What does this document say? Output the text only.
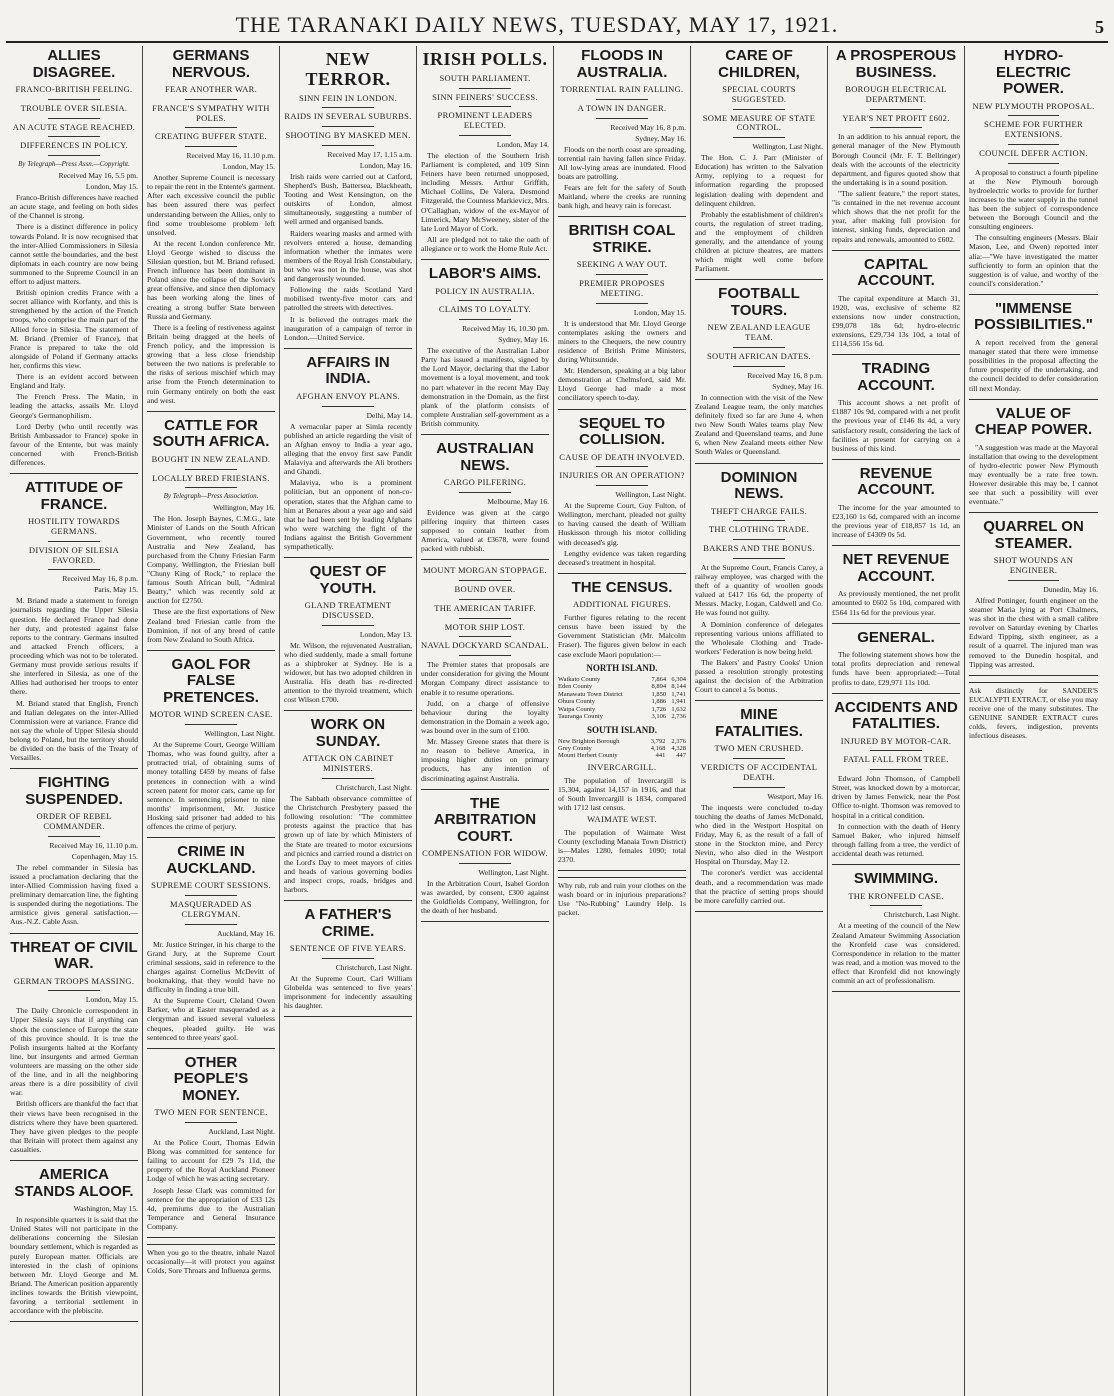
THE TARANAKI DAILY NEWS, TUESDAY, MAY 17, 1921.	5
ALLIES DISAGREE.
FRANCO-BRITISH FEELING.
TROUBLE OVER SILESIA.
AN ACUTE STAGE REACHED.
DIFFERENCES IN POLICY.
By Telegraph—Press Assn.—Copyright.
Received May 16, 5.5 pm.
London, May 15.

Franco-British differences have reached an acute stage, and feeling on both sides of the Channel is strong.

There is a distinct difference in policy towards Poland. It is now recognised that the inter-Allied Commissioners in Silesia cannot settle the boundaries, and the best diplomats in each country are now being summoned to the Supreme Council in an effort to adjust matters.

British opinion credits France with a secret alliance with Korfanty, and this is strengthened by the action of the French troops, who comprise the main part of the Allied force in Silesia. The statement of M. Briand (Premier of France), that France is prepared to take the old alongside of Poland if Germany attacks her, confirms this view.

There is an evident accord between England and Italy.

The French Press. The Matin, in leading the attacks, assails Mr. Lloyd George's Germanophilism.

Lord Derby (who until recently was British Ambassador to France) spoke in favour of the Entente, but was mainly concerned with French-British differences.

ATTITUDE OF FRANCE.
HOSTILITY TOWARDS GERMANS.
DIVISION OF SILESIA FAVORED.
Received May 16, 8 p.m.
Paris, May 15.

M. Briand made a statement to foreign journalists regarding the Upper Silesia question. He declared France had done her duty, and protested against false reports to the contrary. Germans insulted and attacked French officers, a proceeding which was not to be tolerated. Germany must provide serious results if she interfered in Silesia, as one of the Allies had authorised her troops to enter there.

M. Briand stated that English, French and Italian delegates on the inter-Allied Commission were at variance. France did not say the whole of Upper Silesia should belong to Poland, but the territory should be divided on the basis of the Treaty of Versailles.

FIGHTING SUSPENDED.
ORDER OF REBEL COMMANDER.
Received May 16, 11.10 p.m.
Copenhagen, May 15.

The rebel commander in Silesia has issued a proclamation declaring that the inter-Allied Commission having fixed a preliminary demarcation line, the fighting is suspended during the negotiations. The armistice gives general satisfaction.—Aus.-N.Z. Cable Assn.

THREAT OF CIVIL WAR.
GERMAN TROOPS MASSING.
London, May 15.

The Daily Chronicle correspondent in Upper Silesia says that if anything can shock the conscience of Europe the state of this province should. It is true the Polish insurgents halted at the Korfanty line, but insurgents and armed German volunteers are massing on the other side of the line, and in all the neighboring areas there is a dire possibility of civil war.

British officers are thankful the fact that their views have been recognised in the districts where they have been quartered. They have given pledges to the people that Britain will protect them against any casualties.

AMERICA STANDS ALOOF.
Washington, May 15.

In responsible quarters it is said that the United States will not participate in the deliberations concerning the Silesian boundary settlement, which is regarded as purely European matter. Officials are interested in the clash of opinions between Mr. Lloyd George and M. Briand. The American position apparently inclines towards the British viewpoint, favoring a territorial settlement in accordance with the plebiscite.

GERMANS NERVOUS.
FEAR ANOTHER WAR.
FRANCE'S SYMPATHY WITH POLES.
CREATING BUFFER STATE.
Received May 16, 11.10 p.m.
London, May 15.

Another Supreme Council is necessary to repair the rent in the Entente's garment. After each excessive council the public has been assured there was perfect understanding between the Allies, only to find some troublesome problem left unsolved.

At the recent London conference Mr. Lloyd George wished to discuss the Silesian question, but M. Briand refused. French influence has been dominant in Poland since the collapse of the Soviet's great offensive, and since then diplomacy has been working along the lines of creating a strong buffer State between Russia and Germany.

There is a feeling of restiveness against Britain being dragged at the heels of French policy, and the impression is growing that a less close friendship between the two nations is preferable to the risks of serious mischief which may arise from the French determination to ruin Germany entirely on both the east and west.

CATTLE FOR SOUTH AFRICA.
BOUGHT IN NEW ZEALAND.
LOCALLY BRED FRIESIANS.
By Telegraph—Press Association.
Wellington, May 16.

The Hon. Joseph Baynes, C.M.G., late Minister of Lands on the South African Government, who recently toured Australia and New Zealand, has purchased from the Chuny Friesian Farm Company, Wellington, the Friesian bull "Chuny King of Rock," to replace the famous South African bull, "Admiral Beatty," which was recently sold at auction for £2750.

These are the first exportations of New Zealand bred Friesian cattle from the Dominion, if not of any breed of cattle from New Zealand to South Africa.

GAOL FOR FALSE PRETENCES.
MOTOR WIND SCREEN CASE.
Wellington, Last Night.

At the Supreme Court, George William Thomas, who was found guilty, after a protracted trial, of obtaining sums of money totalling £459 by means of false pretences in connection with a wind screen patent for motor cars, came up for sentence. In sentencing prisoner to nine months' imprisonment, Mr. Justice Hosking said prisoner had added to his offences the crime of perjury.

CRIME IN AUCKLAND.
SUPREME COURT SESSIONS.
MASQUERADED AS CLERGYMAN.
Auckland, May 16.

Mr. Justice Stringer, in his charge to the Grand Jury, at the Supreme Court criminal sessions, said in reference to the charges against Cornelius McDevitt of bookmaking, that they would have no difficulty in finding a true bill.

At the Supreme Court, Cleland Owen Barker, who at Easter masqueraded as a clergyman and issued several valueless cheques, pleaded guilty. He was sentenced to three years' gaol.

OTHER PEOPLE'S MONEY.
TWO MEN FOR SENTENCE.
Auckland, Last Night.

At the Police Court, Thomas Edwin Blong was committed for sentence for failing to account for £29 7s 11d, the property of the Royal Auckland Pioneer Lodge of which he was acting secretary.

Joseph Jesse Clark was committed for sentence for the appropriation of £33 12s 4d, premiums due to the Australian Temperance and General Insurance Company.

When you go to the theatre, inhale Nazol occasionally—it will protect you against Colds, Sore Throats and Influenza germs.
NEW TERROR.
SINN FEIN IN LONDON.
RAIDS IN SEVERAL SUBURBS.
SHOOTING BY MASKED MEN.
Received May 17, 1.15 a.m.
London, May 16.

Irish raids were carried out at Catford, Shepherd's Bush, Battersea, Blackheath, Tooting and West Kensington, on the outskirts of London, almost simultaneously, suggesting a number of well armed and organised bands.

Raiders wearing masks and armed with revolvers entered a house, demanding information whether the inmates were members of the Royal Irish Constabulary, but who was not in the house, was shot and dangerously wounded.

Following the raids Scotland Yard mobilised twenty-five motor cars and patrolled the streets with detectives.

It is believed the outrages mark the inauguration of a campaign of terror in London.—United Service.

AFFAIRS IN INDIA.
AFGHAN ENVOY PLANS.
Delhi, May 14.

A vernacular paper at Simla recently published an article regarding the visit of an Afghan envoy to India a year ago, alleging that the envoy first saw Pandit Malaviya and afterwards the Ali brothers and Ghandi.

Malaviya, who is a prominent politician, but an opponent of non-co-operation, states that the Afghan came to him at Benares about a year ago and said that he had been sent by leading Afghans who were watching the fight of the Indians against the British Government sympathetically.

QUEST OF YOUTH.
GLAND TREATMENT DISCUSSED.
London, May 13.

Mr. Wilson, the rejuvenated Australian, who died suddenly, made a small fortune as a shipbroker at Sydney. He is a widower, but has two adopted children in Australia. His death has re-directed attention to the thyroid treatment, which cost Wilson £700.

WORK ON SUNDAY.
ATTACK ON CABINET MINISTERS.
Christchurch, Last Night.

The Sabbath observance committee of the Christchurch Presbytery passed the following resolution: "The committee protests against the practice that has grown up of late by which Ministers of the State are treated to motor excursions and picnics and carried round a district on the Lord's Day to meet mayors of cities and heads of various governing bodies and inspect crops, roads, bridges and harbors.

A FATHER'S CRIME.
SENTENCE OF FIVE YEARS.
Christchurch, Last Night.

At the Supreme Court, Carl William Globelda was sentenced to five years' imprisonment for indecently assaulting his daughter.

IRISH POLLS.
SOUTH PARLIAMENT.
SINN FEINERS' SUCCESS.
PROMINENT LEADERS ELECTED.
London, May 14.

The election of the Southern Irish Parliament is completed, and 109 Sinn Feiners have been returned unopposed, including Messrs. Arthur Griffith, Michael Collins, De Valera, Desmond Fitzgerald, the Countess Markievicz, Mrs. O'Callaghan, widow of the ex-Mayor of Limerick, Mary McSweeney, sister of the late Lord Mayor of Cork.

All are pledged not to take the oath of allegiance or to work the Home Rule Act.

LABOR'S AIMS.
POLICY IN AUSTRALIA.
CLAIMS TO LOYALTY.
Received May 16, 10.30 pm.
Sydney, May 16.

The executive of the Australian Labor Party has issued a manifesto, signed by the Lord Mayor, declaring that the Labor movement is a loyal movement, and took no part whatever in the recent May Day demonstration in the Domain, as the first plank of the platform consists of complete Australian self-government as a British community.

AUSTRALIAN NEWS.
CARGO PILFERING.
Melbourne, May 16.

Evidence was given at the cargo pilfering inquiry that thirteen cases supposed to contain leather from America, valued at £3678, were found packed with rubbish.

MOUNT MORGAN STOPPAGE.
BOUND OVER.
THE AMERICAN TARIFF.
MOTOR SHIP LOST.
NAVAL DOCKYARD SCANDAL.

The Premier states that proposals are under consideration for giving the Mount Morgan Company direct assistance to enable it to resume operations.

Judd, on a charge of offensive behaviour during the loyalty demonstration in the Domain a week ago, was bound over in the sum of £100.

Mr. Massey Greene states that there is no reason to believe America, in imposing higher duties on primary products, has any intention of discriminating against Australia.

THE ARBITRATION COURT.
COMPENSATION FOR WIDOW.
Wellington, Last Night.

In the Arbitration Court, Isabel Gordon was awarded, by consent, £300 against the Goldfields Company, Wellington, for the death of her husband.

FLOODS IN AUSTRALIA.
TORRENTIAL RAIN FALLING.
A TOWN IN DANGER.
Received May 16, 8 p.m.
Sydney, May 16.

Floods on the north coast are spreading, torrential rain having fallen since Friday. All low-lying areas are inundated. Flood boats are patrolling.

Fears are felt for the safety of South Maitland, where the creeks are running bank high, and heavy rain is forecast.

BRITISH COAL STRIKE.
SEEKING A WAY OUT.
PREMIER PROPOSES MEETING.
London, May 15.

It is understood that Mr. Lloyd George contemplates asking the owners and miners to the Chequers, the new country residence of British Prime Ministers, during Whitsuntide.

Mr. Henderson, speaking at a big labor demonstration at Chelmsford, said Mr. Lloyd George had made a most conciliatory speech to-day.

SEQUEL TO COLLISION.
CAUSE OF DEATH INVOLVED.
INJURIES OR AN OPERATION?
Wellington, Last Night.

At the Supreme Court, Guy Fulton, of Wellington, merchant, pleaded not guilty to having caused the death of William Huskisson through his motor colliding with deceased's gig.

Lengthy evidence was taken regarding deceased's treatment in hospital.

THE CENSUS.
ADDITIONAL FIGURES.

Further figures relating to the recent census have been issued by the Government Statistician (Mr. Malcolm Fraser). The figures given below in each case exclude Maori population:—

NORTH ISLAND.
Waikato County	7,864	6,304
Eden County	8,894	8,144
Manawatu Town District	1,850	1,741
Ohura County	1,886	1,941
Waipa County	1,726	1,632
Tauranga County	3,106	2,736
SOUTH ISLAND.
New Brighton Borough	3,792	2,376
Grey County	4,168	4,328
Mount Herbert County	441	447
INVERCARGILL.

The population of Invercargill is 15,304, against 14,157 in 1916, and that of South Invercargill is 1834, compared with 1712 last census.

WAIMATE WEST.

The population of Waimate West County (excluding Manaia Town District) is—Males 1280, females 1090; total 2370.

Why rub, rub and ruin your clothes on the wash board or in injurious preparations? Use "No-Rubbing" Laundry Help. 1s packet.
CARE OF CHILDREN,
SPECIAL COURTS SUGGESTED.
SOME MEASURE OF STATE CONTROL.
Wellington, Last Night.

The Hon. C. J. Parr (Minister of Education) has written to the Salvation Army, replying to a request for information regarding the proposed legislation dealing with dependent and delinquent children.

Probably the establishment of children's courts, the regulation of street trading, and the employment of children generally, and the attendance of young children at picture theatres, are matters which might well come before Parliament.

FOOTBALL TOURS.
NEW ZEALAND LEAGUE TEAM.
SOUTH AFRICAN DATES.
Received May 16, 8 p.m.
Sydney, May 16.

In connection with the visit of the New Zealand League team, the only matches definitely fixed so far are June 4, when two New South Wales teams play New Zealand and Queensland teams, and June 6, when New Zealand meets either New South Wales or Queensland.

DOMINION NEWS.
THEFT CHARGE FAILS.
THE CLOTHING TRADE.
BAKERS AND THE BONUS.

At the Supreme Court, Francis Carey, a railway employee, was charged with the theft of a quantity of woollen goods valued at £417 16s 6d, the property of Messrs. Macky, Logan, Caldwell and Co. He was found not guilty.

A Dominion conference of delegates representing various unions affiliated to the Wholesale Clothing and Trade-workers' Federation is now being held.

The Bakers' and Pastry Cooks' Union passed a resolution strongly protesting against the decision of the Arbitration Court to cancel a 5s bonus.

MINE FATALITIES.
TWO MEN CRUSHED.
VERDICTS OF ACCIDENTAL DEATH.
Westport, May 16.

The inquests were concluded to-day touching the deaths of James McDonald, who died in the Westport Hospital on Friday, May 6, as the result of a fall of stone in the Stockton mine, and Percy Nevin, who also died in the Westport Hospital on Thursday, May 12.

The coroner's verdict was accidental death, and a recommendation was made that the practice of setting props should be more carefully carried out.

A PROSPEROUS BUSINESS.
BOROUGH ELECTRICAL DEPARTMENT.
YEAR'S NET PROFIT £602.

In an addition to his annual report, the general manager of the New Plymouth Borough Council (Mr. F. T. Bellringer) deals with the accounts of the electricity department, and figures quoted show that the undertaking is in a sound position.

"The salient feature," the report states, "is contained in the net revenue account which shows that the net profit for the year, after making full provision for interest, sinking funds, depreciation and repairs and renewals, amounted to £602.

CAPITAL ACCOUNT.

The capital expenditure at March 31, 1920, was, exclusive of scheme 82 extensions now under construction, £99,078 18s 6d; hydro-electric extensions, £29,734 13s 10d, a total of £114,556 15s 6d.

TRADING ACCOUNT.

This account shows a net profit of £1887 10s 9d, compared with a net profit the previous year of £146 8s 4d, a very satisfactory result, considering the lack of facilities at present for carrying on a business of this kind.

REVENUE ACCOUNT.

The income for the year amounted to £23,160 1s 6d, compared with an income the previous year of £18,857 1s 1d, an increase of £4309 0s 5d.

NET REVENUE ACCOUNT.

As previously mentioned, the net profit amounted to £602 5s 10d, compared with £564 11s 6d for the previous year.

GENERAL.

The following statement shows how the total profits depreciation and renewal funds have been appropriated:—Total profits to date, £29,971 11s 10d.

ACCIDENTS AND FATALITIES.
INJURED BY MOTOR-CAR.
FATAL FALL FROM TREE.

Edward John Thomson, of Campbell Street, was knocked down by a motorcar, driven by James Fenwick, near the Post Office to-night. Thomson was removed to hospital in a critical condition.

In connection with the death of Henry Samuel Baker, who injured himself through falling from a tree, the verdict of accidental death was returned.

SWIMMING.
THE KRONFELD CASE.
Christchurch, Last Night.

At a meeting of the council of the New Zealand Amateur Swimming Association the Kronfeld case was considered. Correspondence in relation to the matter was read, and a motion was moved to the effect that Kronfeld did not knowingly commit an act of professionalism.

HYDRO-ELECTRIC POWER.
NEW PLYMOUTH PROPOSAL.
SCHEME FOR FURTHER EXTENSIONS.
COUNCIL DEFER ACTION.

A proposal to construct a fourth pipeline at the New Plymouth borough hydroelectric works to provide for further increases to the water supply in the tunnel has been the subject of correspondence between the Borough Council and the consulting engineers.

The consulting engineers (Messrs. Blair Mason, Lee, and Owen) reported inter alia:—"We have investigated the matter sufficiently to form an opinion that the suggestion is of value, and worthy of the council's consideration."

"IMMENSE POSSIBILITIES."

A report received from the general manager stated that there were immense possibilities in the proposal affecting the future prosperity of the undertaking, and the council decided to defer consideration till next Monday.

VALUE OF CHEAP POWER.

"A suggestion was made at the Mayoral installation that owing to the development of hydro-electric power New Plymouth may eventually be a rate free town. However desirable this may be, I cannot see that such a possibility will ever eventuate."

QUARREL ON STEAMER.
SHOT WOUNDS AN ENGINEER.
Dunedin, May 16.

Alfred Pottinger, fourth engineer on the steamer Maria lying at Port Chalmers, was shot in the chest with a small calibre revolver on Saturday evening by Charles Edward Tipping, sixth engineer, as a result of a quarrel. The injured man was removed to the Dunedin hospital, and Tipping was arrested.

Ask distinctly for SANDER'S EUCALYPTI EXTRACT, or else you may receive one of the many substitutes. The GENUINE SANDER EXTRACT cures colds, fevers, indigestion, prevents infectious diseases.
